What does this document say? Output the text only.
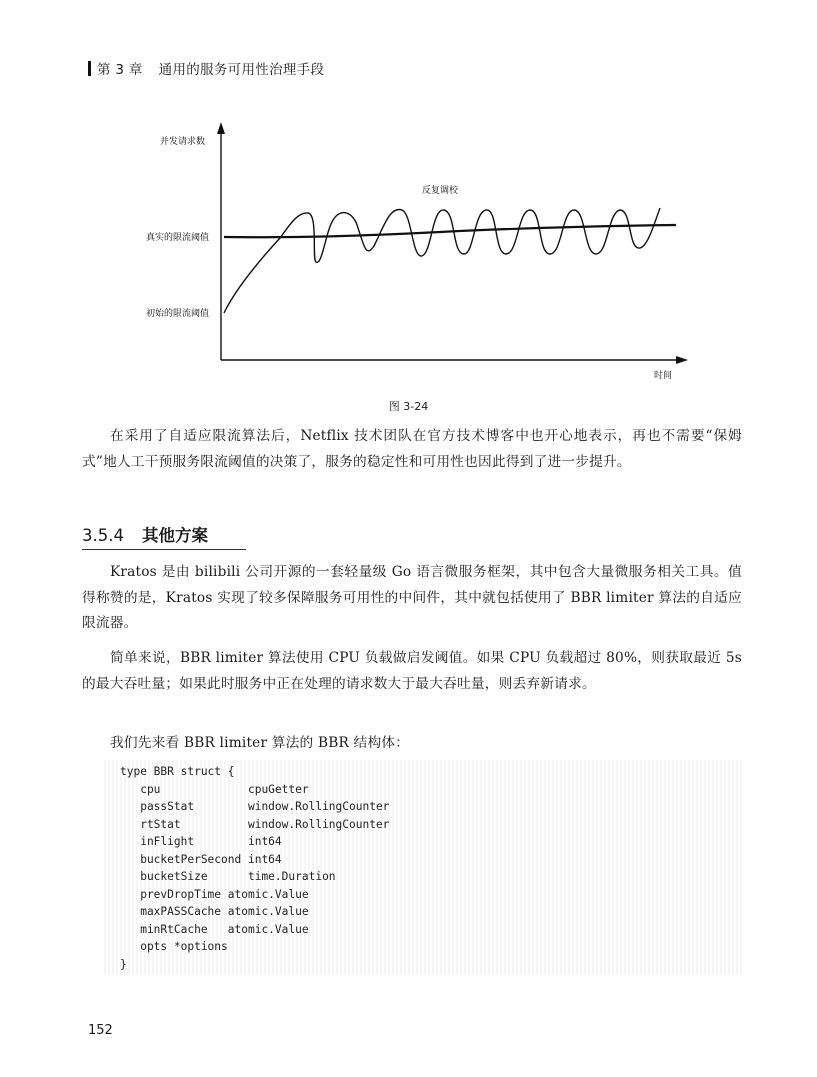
第 3 章 通用的服务可用性治理手段
并发请求数
反复调校
真实的限流阈值
初始的限流阈值
时间
图 3-24

在采用了自适应限流算法后，Netflix 技术团队在官方技术博客中也开心地表示，再也不需要“保姆式”地人工干预服务限流阈值的决策了，服务的稳定性和可用性也因此得到了进一步提升。

3.5.4 其他方案

Kratos 是由 bilibili 公司开源的一套轻量级 Go 语言微服务框架，其中包含大量微服务相关工具。值得称赞的是，Kratos 实现了较多保障服务可用性的中间件，其中就包括使用了 BBR limiter 算法的自适应限流器。

简单来说，BBR limiter 算法使用 CPU 负载做启发阈值。如果 CPU 负载超过 80%，则获取最近 5s 的最大吞吐量；如果此时服务中正在处理的请求数大于最大吞吐量，则丢弃新请求。

我们先来看 BBR limiter 算法的 BBR 结构体：

type BBR struct {
cpu             cpuGetter
passStat        window.RollingCounter
rtStat          window.RollingCounter
inFlight        int64
bucketPerSecond int64
bucketSize      time.Duration
prevDropTime atomic.Value
maxPASSCache atomic.Value
minRtCache   atomic.Value
opts *options
}
152
